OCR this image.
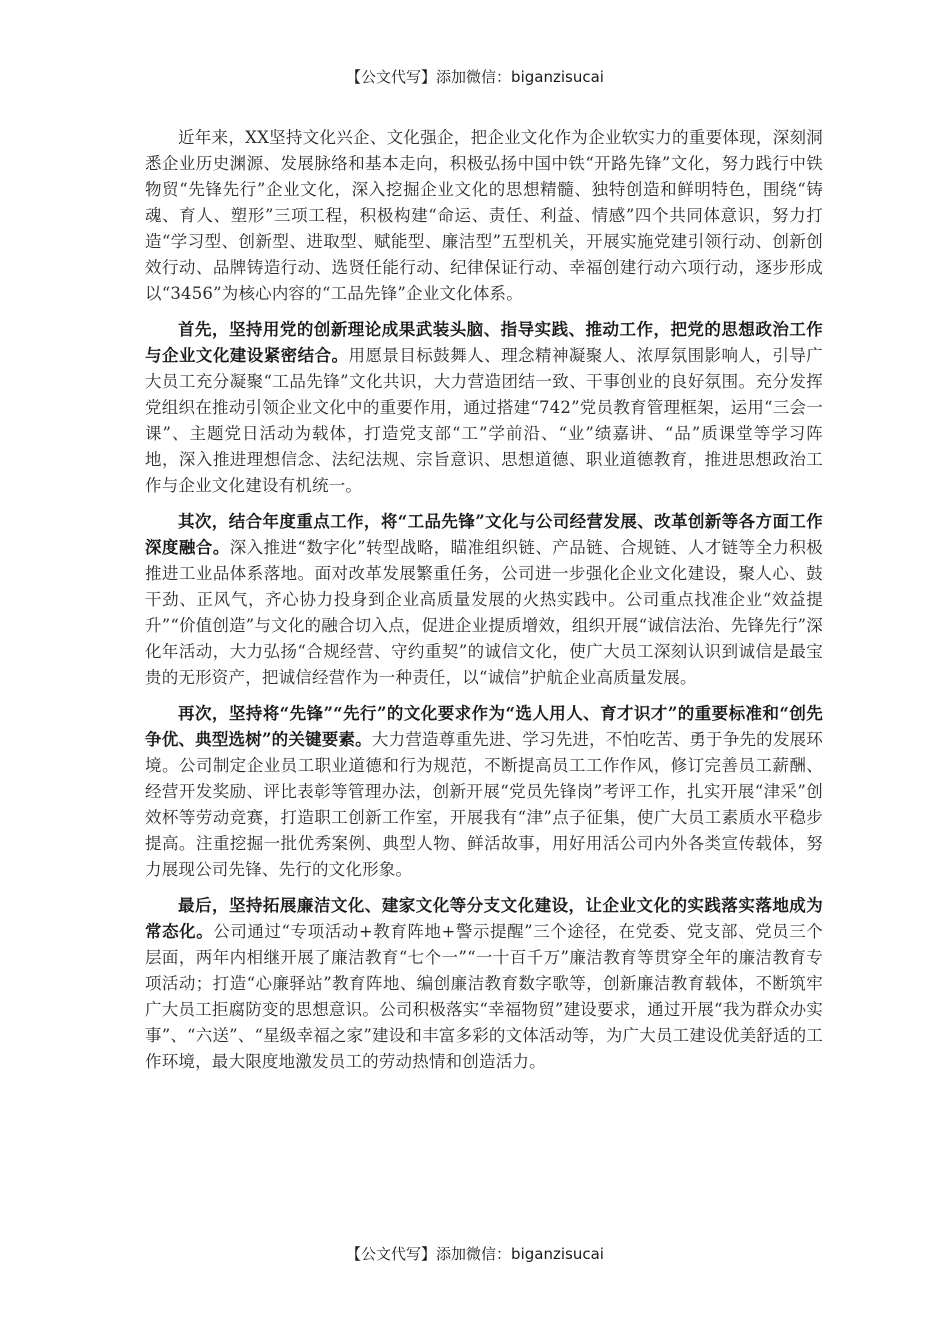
【公文代写】添加微信：biganzisucai

近年来，XX坚持文化兴企、文化强企，把企业文化作为企业软实力的重要体现，深刻洞悉企业历史渊源、发展脉络和基本走向，积极弘扬中国中铁“开路先锋”文化，努力践行中铁物贸“先锋先行”企业文化，深入挖掘企业文化的思想精髓、独特创造和鲜明特色，围绕“铸魂、育人、塑形”三项工程，积极构建“命运、责任、利益、情感”四个共同体意识，努力打造“学习型、创新型、进取型、赋能型、廉洁型”五型机关，开展实施党建引领行动、创新创效行动、品牌铸造行动、选贤任能行动、纪律保证行动、幸福创建行动六项行动，逐步形成以“3456”为核心内容的“工品先锋”企业文化体系。

首先，坚持用党的创新理论成果武装头脑、指导实践、推动工作，把党的思想政治工作与企业文化建设紧密结合。用愿景目标鼓舞人、理念精神凝聚人、浓厚氛围影响人，引导广大员工充分凝聚“工品先锋”文化共识，大力营造团结一致、干事创业的良好氛围。充分发挥党组织在推动引领企业文化中的重要作用，通过搭建“742”党员教育管理框架，运用“三会一课”、主题党日活动为载体，打造党支部“工”学前沿、“业”绩嘉讲、“品”质课堂等学习阵地，深入推进理想信念、法纪法规、宗旨意识、思想道德、职业道德教育，推进思想政治工作与企业文化建设有机统一。

其次，结合年度重点工作，将“工品先锋”文化与公司经营发展、改革创新等各方面工作深度融合。深入推进“数字化”转型战略，瞄准组织链、产品链、合规链、人才链等全力积极推进工业品体系落地。面对改革发展繁重任务，公司进一步强化企业文化建设，聚人心、鼓干劲、正风气，齐心协力投身到企业高质量发展的火热实践中。公司重点找准企业“效益提升”“价值创造”与文化的融合切入点，促进企业提质增效，组织开展“诚信法治、先锋先行”深化年活动，大力弘扬“合规经营、守约重契”的诚信文化，使广大员工深刻认识到诚信是最宝贵的无形资产，把诚信经营作为一种责任，以“诚信”护航企业高质量发展。

再次，坚持将“先锋”“先行”的文化要求作为“选人用人、育才识才”的重要标准和“创先争优、典型选树”的关键要素。大力营造尊重先进、学习先进，不怕吃苦、勇于争先的发展环境。公司制定企业员工职业道德和行为规范，不断提高员工工作作风，修订完善员工薪酬、经营开发奖励、评比表彰等管理办法，创新开展“党员先锋岗”考评工作，扎实开展“津采”创效杯等劳动竞赛，打造职工创新工作室，开展我有“津”点子征集，使广大员工素质水平稳步提高。注重挖掘一批优秀案例、典型人物、鲜活故事，用好用活公司内外各类宣传载体，努力展现公司先锋、先行的文化形象。

最后，坚持拓展廉洁文化、建家文化等分支文化建设，让企业文化的实践落实落地成为常态化。公司通过“专项活动+教育阵地+警示提醒”三个途径，在党委、党支部、党员三个层面，两年内相继开展了廉洁教育“七个一”“一十百千万”廉洁教育等贯穿全年的廉洁教育专项活动；打造“心廉驿站”教育阵地、编创廉洁教育数字歌等，创新廉洁教育载体，不断筑牢广大员工拒腐防变的思想意识。公司积极落实“幸福物贸”建设要求，通过开展“我为群众办实事”、“六送”、“星级幸福之家”建设和丰富多彩的文体活动等，为广大员工建设优美舒适的工作环境，最大限度地激发员工的劳动热情和创造活力。

【公文代写】添加微信：biganzisucai
